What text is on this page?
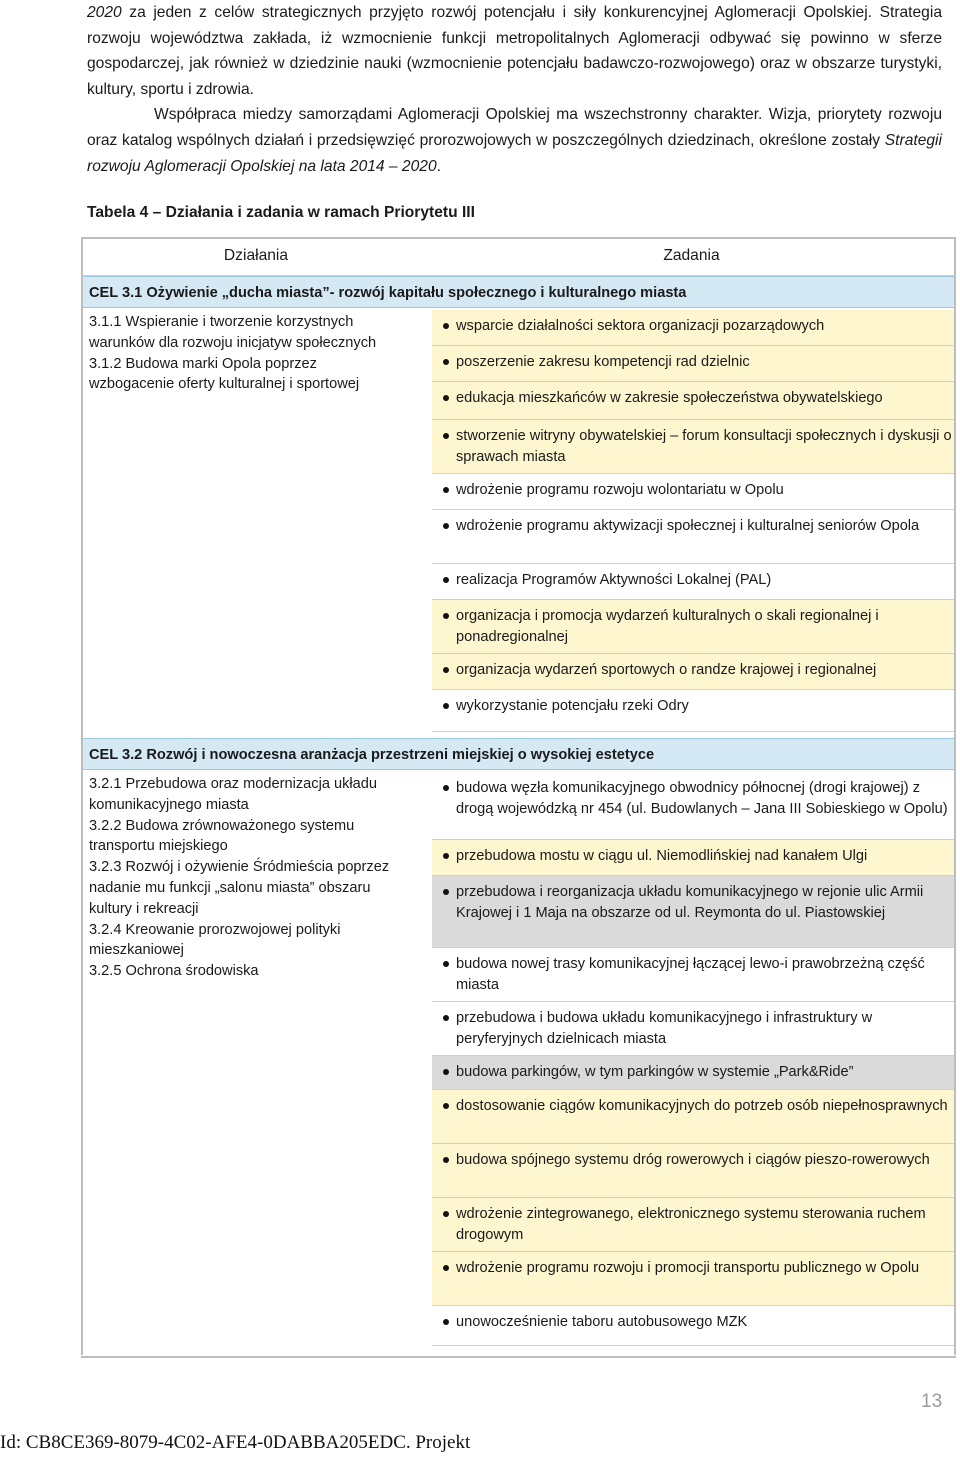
2020 za jeden z celów strategicznych przyjęto rozwój potencjału i siły konkurencyjnej Aglomeracji Opolskiej. Strategia rozwoju województwa zakłada, iż wzmocnienie funkcji metropolitalnych Aglomeracji odbywać się powinno w sferze gospodarczej, jak również w dziedzinie nauki (wzmocnienie potencjału badawczo-rozwojowego) oraz w obszarze turystyki, kultury, sportu i zdrowia.

Współpraca miedzy samorządami Aglomeracji Opolskiej ma wszechstronny charakter. Wizja, priorytety rozwoju oraz katalog wspólnych działań i przedsięwzięć prorozwojowych w poszczególnych dziedzinach, określone zostały Strategii rozwoju Aglomeracji Opolskiej na lata 2014 – 2020.

Tabela 4 – Działania i zadania w ramach Priorytetu III
Działania	Zadania
CEL 3.1 Ożywienie „ducha miasta”- rozwój kapitału społecznego i kulturalnego miasta
3.1.1 Wspieranie i tworzenie korzystnych warunków dla rozwoju inicjatyw społecznych
3.1.2 Budowa marki Opola poprzez wzbogacenie oferty kulturalnej i sportowej
wsparcie działalności sektora organizacji pozarządowych
poszerzenie zakresu kompetencji rad dzielnic
edukacja mieszkańców w zakresie społeczeństwa obywatelskiego
stworzenie witryny obywatelskiej – forum konsultacji społecznych i dyskusji o sprawach miasta
wdrożenie programu rozwoju wolontariatu w Opolu
wdrożenie programu aktywizacji społecznej i kulturalnej seniorów Opola
realizacja Programów Aktywności Lokalnej (PAL)
organizacja i promocja wydarzeń kulturalnych o skali regionalnej i ponadregionalnej
organizacja wydarzeń sportowych o randze krajowej i regionalnej
wykorzystanie potencjału rzeki Odry
CEL 3.2 Rozwój i nowoczesna aranżacja przestrzeni miejskiej o wysokiej estetyce
3.2.1 Przebudowa oraz modernizacja układu komunikacyjnego miasta
3.2.2 Budowa zrównoważonego systemu transportu miejskiego
3.2.3 Rozwój i ożywienie Śródmieścia poprzez nadanie mu funkcji „salonu miasta” obszaru kultury i rekreacji
3.2.4 Kreowanie prorozwojowej polityki mieszkaniowej
3.2.5 Ochrona środowiska
budowa węzła komunikacyjnego obwodnicy północnej (drogi krajowej) z drogą wojewódzką nr 454 (ul. Budowlanych – Jana III Sobieskiego w Opolu)
przebudowa mostu w ciągu ul. Niemodlińskiej nad kanałem Ulgi
przebudowa i reorganizacja układu komunikacyjnego w rejonie ulic Armii Krajowej i 1 Maja na obszarze od ul. Reymonta do ul. Piastowskiej
budowa nowej trasy komunikacyjnej łączącej lewo-i prawobrzeżną część miasta
przebudowa i budowa układu komunikacyjnego i infrastruktury w peryferyjnych dzielnicach miasta
budowa parkingów, w tym parkingów w systemie „Park&Ride”
dostosowanie ciągów komunikacyjnych do potrzeb osób niepełnosprawnych
budowa spójnego systemu dróg rowerowych i ciągów pieszo-rowerowych
wdrożenie zintegrowanego, elektronicznego systemu sterowania ruchem drogowym
wdrożenie programu rozwoju i promocji transportu publicznego w Opolu
unowocześnienie taboru autobusowego MZK
13
Id: CB8CE369-8079-4C02-AFE4-0DABBA205EDC. Projekt
